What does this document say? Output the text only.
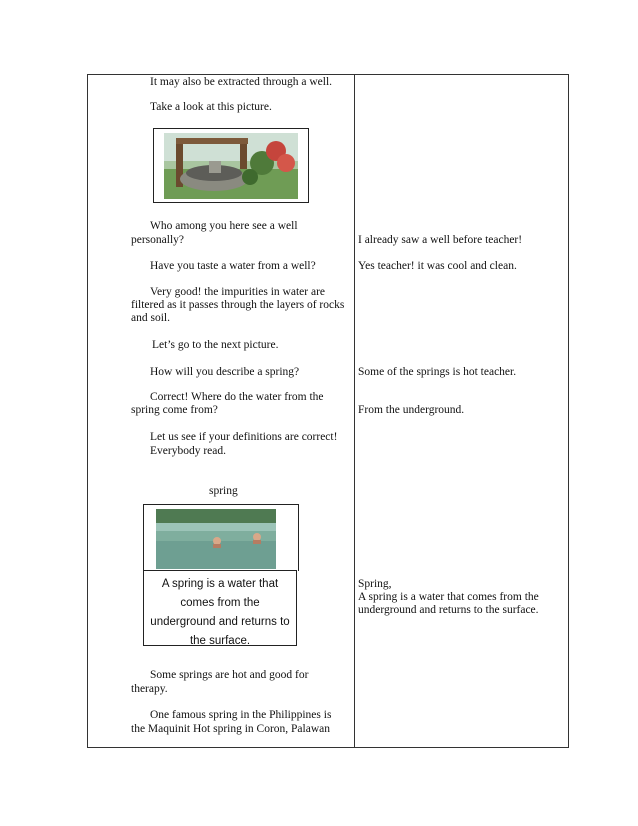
It may also be extracted through a well.
Take a look at this picture.
Who among you here see a well
personally?
Have you taste a water from a well?
Very good! the impurities in water are
filtered as it passes through the layers of rocks
and soil.
Let’s go to the next picture.
How will you describe a spring?
Correct! Where do the water from the
spring come from?
Let us see if your definitions are correct!
Everybody read.
spring
A spring is a water that comes from the underground and returns to the surface.
Some springs are hot and good for
therapy.
One famous spring in the Philippines is
the Maquinit Hot spring in Coron, Palawan
I already saw a well before teacher!
Yes teacher! it was cool and clean.
Some of the springs is hot teacher.
From the underground.
Spring,
A spring is a water that comes from the
underground and returns to the surface.
